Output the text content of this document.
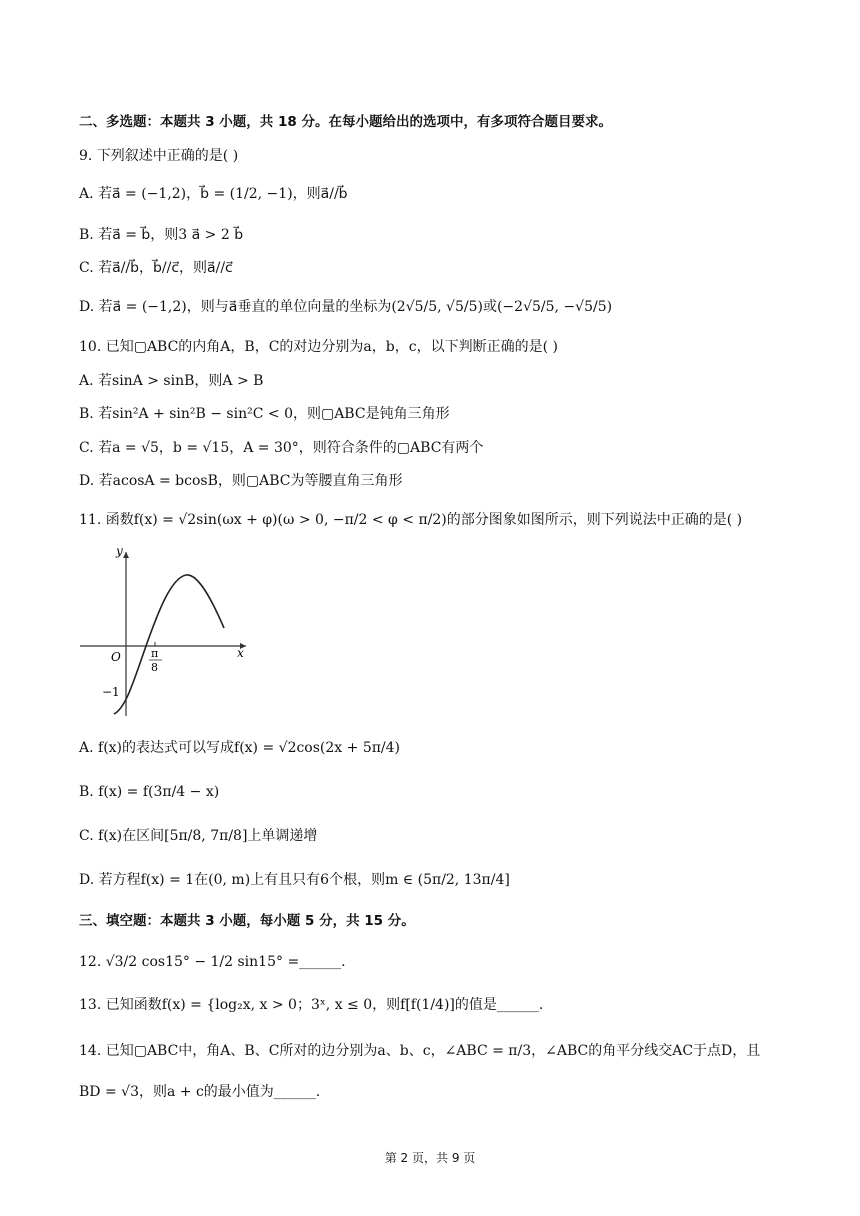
二、多选题：本题共 3 小题，共 18 分。在每小题给出的选项中，有多项符合题目要求。
9. 下列叙述中正确的是( )
A. 若a⃗ = (−1,2)，b⃗ = (1/2, −1)，则a⃗//b⃗
B. 若a⃗ = b⃗，则3 a⃗ > 2 b⃗
C. 若a⃗//b⃗，b⃗//c⃗，则a⃗//c⃗
D. 若a⃗ = (−1,2)，则与a⃗垂直的单位向量的坐标为(2√5/5, √5/5)或(−2√5/5, −√5/5)
10. 已知▢ABC的内角A，B，C的对边分别为a，b，c，以下判断正确的是( )
A. 若sinA > sinB，则A > B
B. 若sin²A + sin²B − sin²C < 0，则▢ABC是钝角三角形
C. 若a = √5，b = √15，A = 30°，则符合条件的▢ABC有两个
D. 若acosA = bcosB，则▢ABC为等腰直角三角形
11. 函数f(x) = √2sin(ωx + φ)(ω > 0, −π/2 < φ < π/2)的部分图象如图所示，则下列说法中正确的是( )
x
y
O	π
8
−1
A. f(x)的表达式可以写成f(x) = √2cos(2x + 5π/4)
B. f(x) = f(3π/4 − x)
C. f(x)在区间[5π/8, 7π/8]上单调递增
D. 若方程f(x) = 1在(0, m)上有且只有6个根，则m ∈ (5π/2, 13π/4]
三、填空题：本题共 3 小题，每小题 5 分，共 15 分。
12. √3/2 cos15° − 1/2 sin15° =______.
13. 已知函数f(x) = {log₂x, x > 0；3ˣ, x ≤ 0，则f[f(1/4)]的值是______.
14. 已知▢ABC中，角A、B、C所对的边分别为a、b、c，∠ABC = π/3，∠ABC的角平分线交AC于点D，且
BD = √3，则a + c的最小值为______.
第 2 页，共 9 页
